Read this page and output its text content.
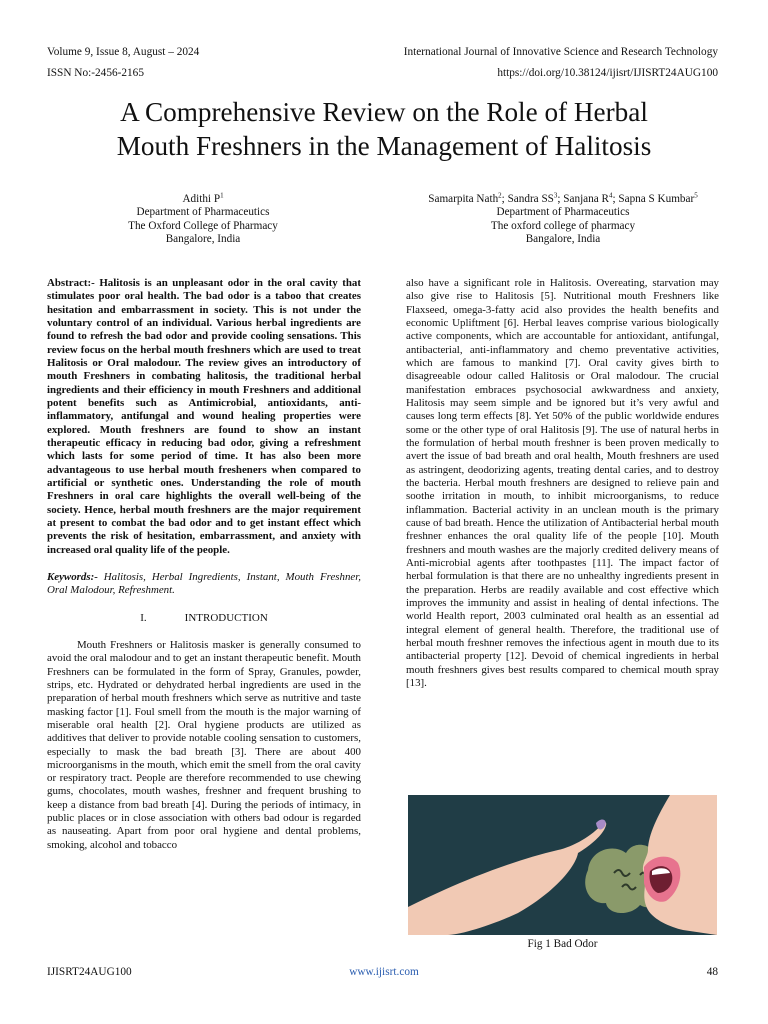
Volume 9, Issue 8, August – 2024	International Journal of Innovative Science and Research Technology
ISSN No:-2456-2165	https://doi.org/10.38124/ijisrt/IJISRT24AUG100
A Comprehensive Review on the Role of Herbal
Mouth Freshners in the Management of Halitosis
Adithi $P^1$
Department of Pharmaceutics
The Oxford College of Pharmacy
Bangalore, India
Samarpita Nath$^2$; Sandra $SS^3$; Sanjana $R^4$; Sapna S Kumbar$^5$
Department of Pharmaceutics
The oxford college of pharmacy
Bangalore, India

Abstract:- Halitosis is an unpleasant odor in the oral cavity that stimulates poor oral health. The bad odor is a taboo that creates hesitation and embarrassment in society. This is not under the voluntary control of an individual. Various herbal ingredients are found to refresh the bad odor and provide cooling sensations. This review focus on the herbal mouth freshners which are used to treat Halitosis or Oral malodour. The review gives an introductory of mouth Freshners in combating halitosis, the traditional herbal ingredients and their efficiency in mouth Freshners and additional potent benefits such as Antimicrobial, antioxidants, anti-inflammatory, antifungal and wound healing properties were explored. Mouth freshners are found to show an instant therapeutic efficacy in reducing bad odor, giving a refreshment which lasts for some period of time. It has also been more advantageous to use herbal mouth fresheners when compared to artificial or synthetic ones. Understanding the role of mouth Freshners in oral care highlights the overall well-being of the society. Hence, herbal mouth freshners are the major requirement at present to combat the bad odor and to get instant effect which prevents the risk of hesitation, embarrassment, and anxiety with increased oral quality life of the people.

Keywords:- Halitosis, Herbal Ingredients, Instant, Mouth Freshner, Oral Malodour, Refreshment.

I.	INTRODUCTION

Mouth Freshners or Halitosis masker is generally consumed to avoid the oral malodour and to get an instant therapeutic benefit. Mouth Freshners can be formulated in the form of Spray, Granules, powder, strips, etc. Hydrated or dehydrated herbal ingredients are used in the preparation of herbal mouth freshners which serve as nutritive and taste masking factor [1]. Foul smell from the mouth is the major warning of miserable oral health [2]. Oral hygiene products are utilized as additives that deliver to provide notable cooling sensation to customers, especially to mask the bad breath [3]. There are about 400 microorganisms in the mouth, which emit the smell from the oral cavity or respiratory tract. People are therefore recommended to use chewing gums, chocolates, mouth washes, freshner and frequent brushing to keep a distance from bad breath [4]. During the periods of intimacy, in public places or in close association with others bad odour is regarded as nauseating. Apart from poor oral hygiene and dental problems, smoking, alcohol and tobacco

also have a significant role in Halitosis. Overeating, starvation may also give rise to Halitosis [5]. Nutritional mouth Freshners like Flaxseed, omega-3-fatty acid also provides the health benefits and economic Upliftment [6]. Herbal leaves comprise various biologically active components, which are accountable for antioxidant, antifungal, antibacterial, anti-inflammatory and chemo preventative activities, which are famous to mankind [7]. Oral cavity gives birth to disagreeable odour called Halitosis or Oral malodour. The crucial manifestation embraces psychosocial awkwardness and anxiety, Halitosis may seem simple and be ignored but it’s very awful and causes long term effects [8]. Yet 50% of the public worldwide endures some or the other type of oral Halitosis [9]. The use of natural herbs in the formulation of herbal mouth freshner is been proven medically to avert the issue of bad breath and oral health, Mouth freshners are used as astringent, deodorizing agents, treating dental caries, and to destroy the bacteria. Herbal mouth freshners are designed to relieve pain and soothe irritation in mouth, to inhibit microorganisms, to reduce inflammation. Bacterial activity in an unclean mouth is the primary cause of bad breath. Hence the utilization of Antibacterial herbal mouth freshner enhances the oral quality life of the people [10]. Mouth freshners and mouth washes are the majorly credited delivery means of Anti-microbial agents after toothpastes [11]. The impact factor of herbal formulation is that there are no unhealthy ingredients present in the preparation. Herbs are readily available and cost effective which improves the immunity and assist in healing of dental infections. The world Health report, 2003 culminated oral health as an essential ad integral element of general health. Therefore, the traditional use of herbal mouth freshner removes the infectious agent in mouth due to its antibacterial property [12]. Devoid of chemical ingredients in herbal mouth freshners gives best results compared to chemical mouth spray [13].

Fig 1 Bad Odor
IJISRT24AUG100	www.ijisrt.com	48
